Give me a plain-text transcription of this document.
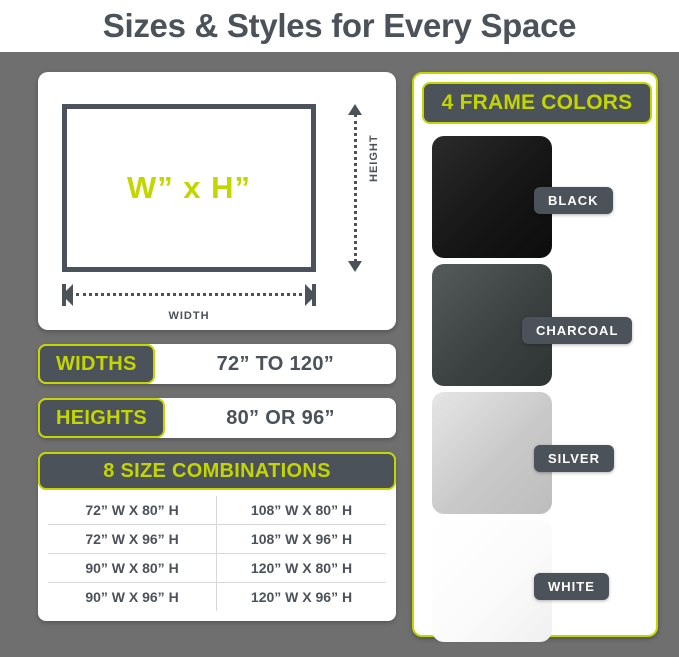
Sizes & Styles for Every Space
W” x H”
HEIGHT
WIDTH
WIDTHS	72” TO 120”
HEIGHTS	80” OR 96”
8 SIZE COMBINATIONS
72” W X 80” H	108” W X 80” H
72” W X 96” H	108” W X 96” H
90” W X 80” H	120” W X 80” H
90” W X 96” H	120” W X 96” H
4 FRAME COLORS
BLACK
CHARCOAL
SILVER
WHITE
